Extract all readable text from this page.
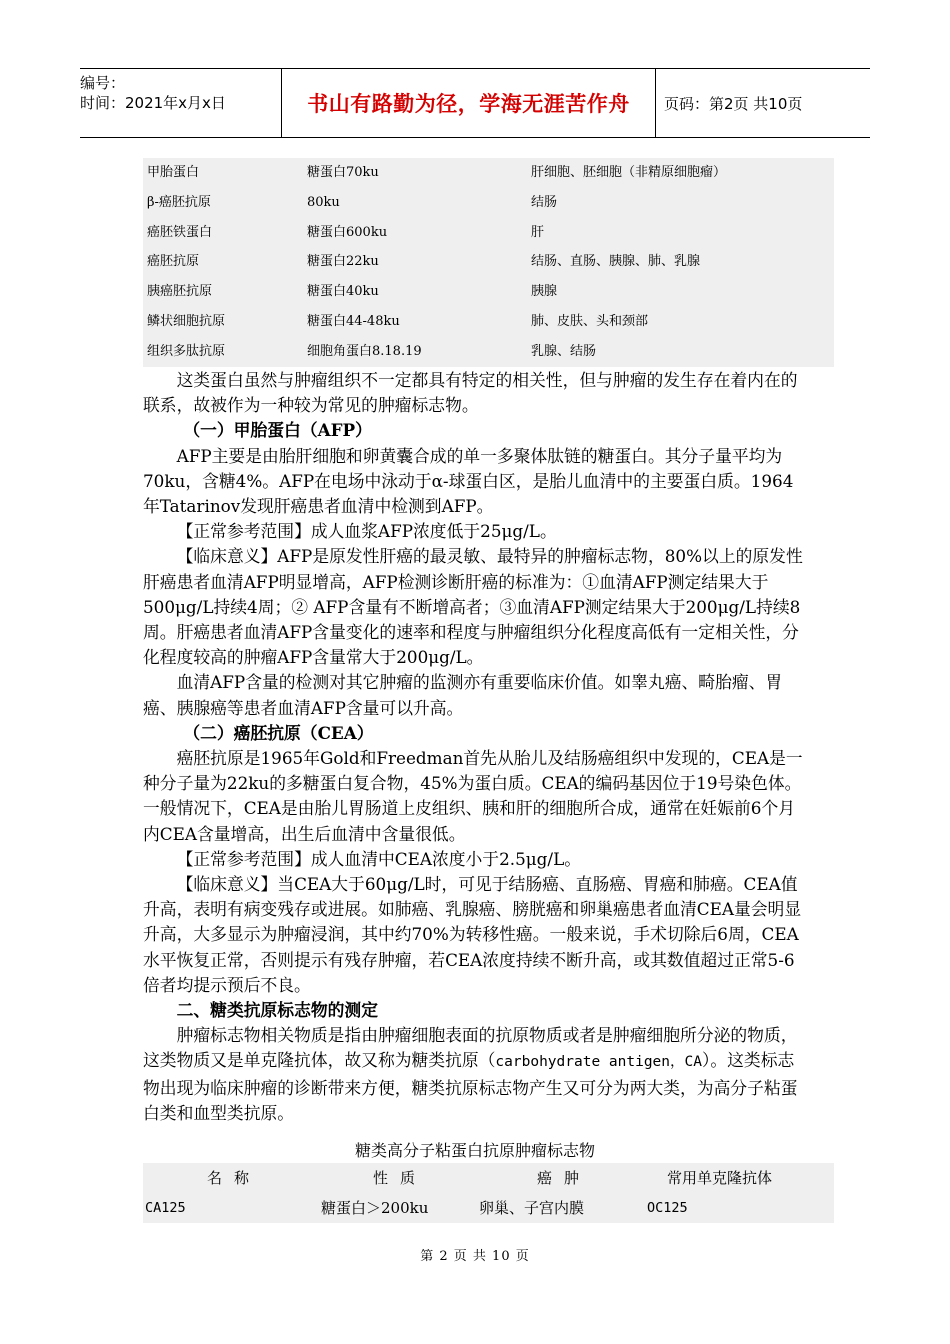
编号：
时间：2021年x月x日	书山有路勤为径，学海无涯苦作舟	页码：第2页 共10页
甲胎蛋白	糖蛋白70ku	肝细胞、胚细胞（非精原细胞瘤）
β-癌胚抗原	80ku	结肠
癌胚铁蛋白	糖蛋白600ku	肝
癌胚抗原	糖蛋白22ku	结肠、直肠、胰腺、肺、乳腺
胰癌胚抗原	糖蛋白40ku	胰腺
鳞状细胞抗原	糖蛋白44-48ku	肺、皮肤、头和颈部
组织多肽抗原	细胞角蛋白8.18.19	乳腺、结肠

这类蛋白虽然与肿瘤组织不一定都具有特定的相关性，但与肿瘤的发生存在着内在的联系，故被作为一种较为常见的肿瘤标志物。

（一）甲胎蛋白（AFP）

AFP主要是由胎肝细胞和卵黄囊合成的单一多聚体肽链的糖蛋白。其分子量平均为70ku，含糖4%。AFP在电场中泳动于α-球蛋白区，是胎儿血清中的主要蛋白质。1964年Tatarinov发现肝癌患者血清中检测到AFP。

【正常参考范围】成人血浆AFP浓度低于25μg/L。

【临床意义】AFP是原发性肝癌的最灵敏、最特异的肿瘤标志物，80%以上的原发性肝癌患者血清AFP明显增高，AFP检测诊断肝癌的标准为：①血清AFP测定结果大于500μg/L持续4周；② AFP含量有不断增高者；③血清AFP测定结果大于200μg/L持续8周。肝癌患者血清AFP含量变化的速率和程度与肿瘤组织分化程度高低有一定相关性，分化程度较高的肿瘤AFP含量常大于200μg/L。

血清AFP含量的检测对其它肿瘤的监测亦有重要临床价值。如睾丸癌、畸胎瘤、胃癌、胰腺癌等患者血清AFP含量可以升高。

（二）癌胚抗原（CEA）

癌胚抗原是1965年Gold和Freedman首先从胎儿及结肠癌组织中发现的，CEA是一种分子量为22ku的多糖蛋白复合物，45%为蛋白质。CEA的编码基因位于19号染色体。一般情况下，CEA是由胎儿胃肠道上皮组织、胰和肝的细胞所合成，通常在妊娠前6个月内CEA含量增高，出生后血清中含量很低。

【正常参考范围】成人血清中CEA浓度小于2.5μg/L。

【临床意义】当CEA大于60μg/L时，可见于结肠癌、直肠癌、胃癌和肺癌。CEA值升高，表明有病变残存或进展。如肺癌、乳腺癌、膀胱癌和卵巢癌患者血清CEA量会明显升高，大多显示为肿瘤浸润，其中约70%为转移性癌。一般来说，手术切除后6周，CEA水平恢复正常，否则提示有残存肿瘤，若CEA浓度持续不断升高，或其数值超过正常5-6倍者均提示预后不良。

二、糖类抗原标志物的测定

肿瘤标志物相关物质是指由肿瘤细胞表面的抗原物质或者是肿瘤细胞所分泌的物质，这类物质又是单克隆抗体，故又称为糖类抗原（carbohydrate antigen，CA）。这类标志物出现为临床肿瘤的诊断带来方便，糖类抗原标志物产生又可分为两大类，为高分子粘蛋白类和血型类抗原。

糖类高分子粘蛋白抗原肿瘤标志物
名称	性质	癌肿	常用单克隆抗体
CA125	糖蛋白＞200ku	卵巢、子宫内膜	OC125
第 2 页 共 10 页
